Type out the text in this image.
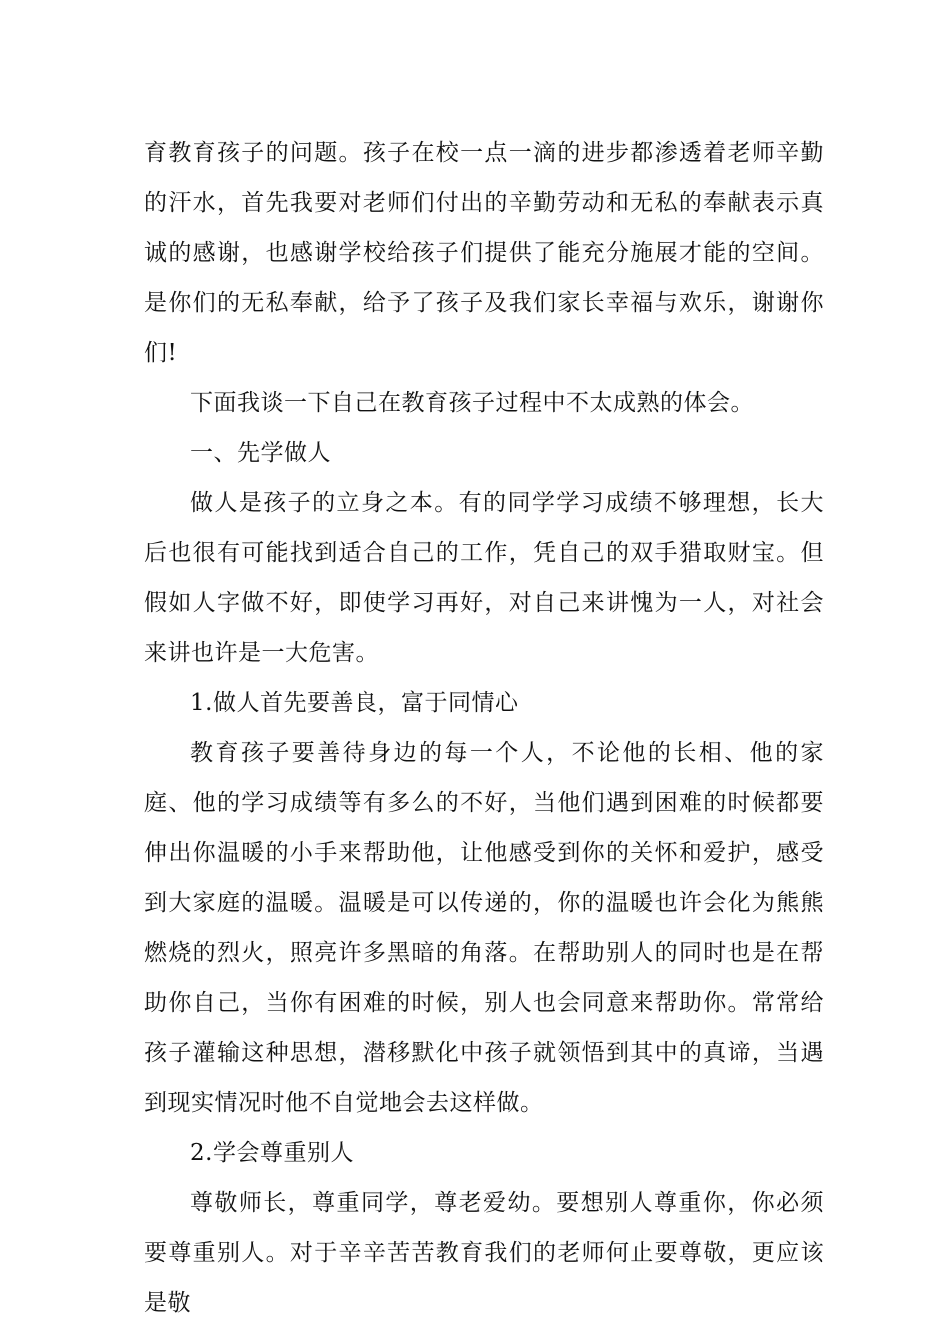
育教育孩子的问题。孩子在校一点一滴的进步都渗透着老师辛勤的汗水，首先我要对老师们付出的辛勤劳动和无私的奉献表示真诚的感谢，也感谢学校给孩子们提供了能充分施展才能的空间。是你们的无私奉献，给予了孩子及我们家长幸福与欢乐，谢谢你们!

下面我谈一下自己在教育孩子过程中不太成熟的体会。

一、先学做人

做人是孩子的立身之本。有的同学学习成绩不够理想，长大后也很有可能找到适合自己的工作，凭自己的双手猎取财宝。但假如人字做不好，即使学习再好，对自己来讲愧为一人，对社会来讲也许是一大危害。

1.做人首先要善良，富于同情心

教育孩子要善待身边的每一个人，不论他的长相、他的家庭、他的学习成绩等有多么的不好，当他们遇到困难的时候都要伸出你温暖的小手来帮助他，让他感受到你的关怀和爱护，感受到大家庭的温暖。温暖是可以传递的，你的温暖也许会化为熊熊燃烧的烈火，照亮许多黑暗的角落。在帮助别人的同时也是在帮助你自己，当你有困难的时候，别人也会同意来帮助你。常常给孩子灌输这种思想，潜移默化中孩子就领悟到其中的真谛，当遇到现实情况时他不自觉地会去这样做。

2.学会尊重别人

尊敬师长，尊重同学，尊老爱幼。要想别人尊重你，你必须要尊重别人。对于辛辛苦苦教育我们的老师何止要尊敬，更应该是敬
